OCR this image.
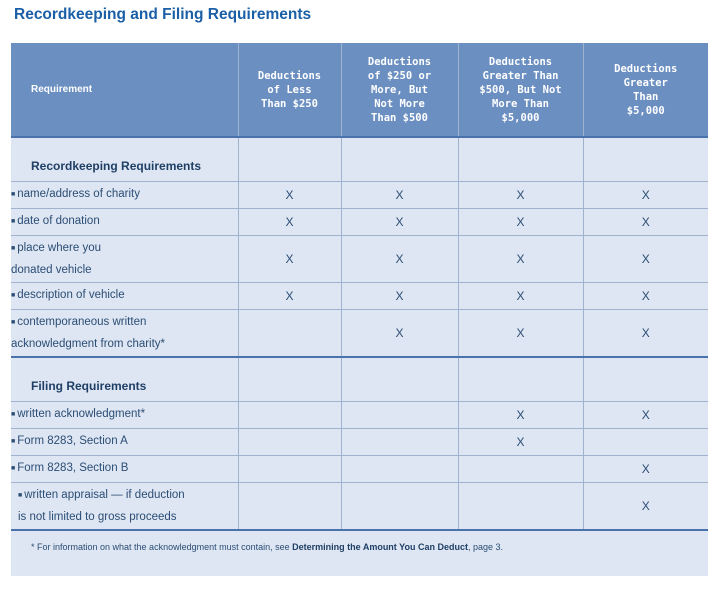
Recordkeeping and Filing Requirements
Requirement	Deductions
of Less
Than $250	Deductions
of $250 or
More, But
Not More
Than $500	Deductions
Greater Than
$500, But Not
More Than
$5,000	Deductions
Greater
Than
$5,000

Recordkeeping Requirements				
■ name/address of charity	X	X	X	X
■ date of donation	X	X	X	X
■ place where you
donated vehicle	X	X	X	X
■ description of vehicle	X	X	X	X
■ contemporaneous written
acknowledgment from charity*		X	X	X

Filing Requirements				
■ written acknowledgment*			X	X
■ Form 8283, Section A			X	
■ Form 8283, Section B				X
■ written appraisal — if deduction
is not limited to gross proceeds				X
* For information on what the acknowledgment must contain, see Determining the Amount You Can Deduct, page 3.
